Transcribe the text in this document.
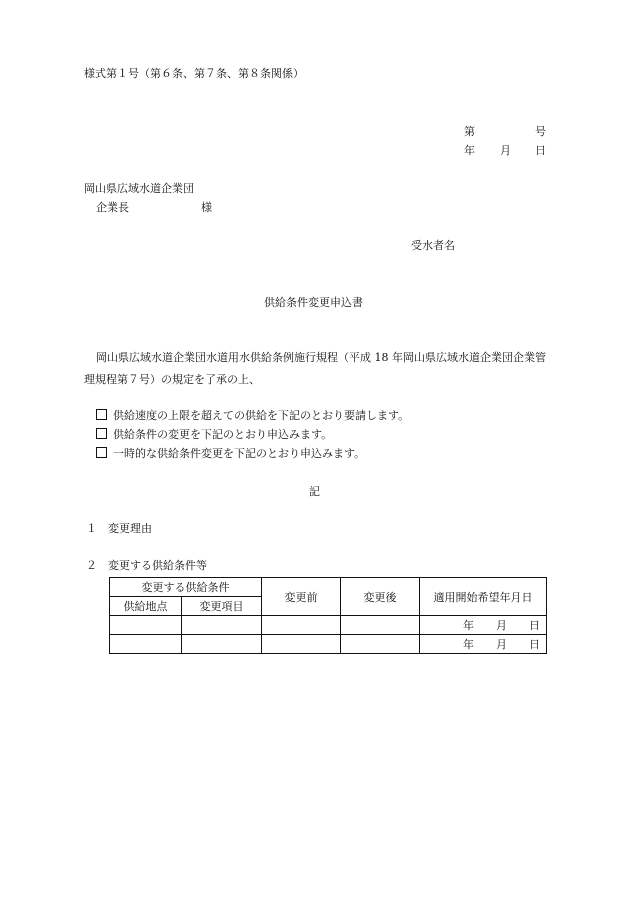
様式第１号（第６条、第７条、第８条関係）
第	号
年 月 日
岡山県広域水道企業団
企業長	様
受水者名
供給条件変更申込書
岡山県広域水道企業団水道用水供給条例施行規程（平成 18 年岡山県広域水道企業団企業管理規程第７号）の規定を了承の上、
供給速度の上限を超えての供給を下記のとおり要請します。
供給条件の変更を下記のとおり申込みます。
一時的な供給条件変更を下記のとおり申込みます。
記
１ 変更理由
２ 変更する供給条件等
変更する供給条件		変更前	変更後	適用開始希望年月日
供給地点	変更項目			
				年 月 日
				年 月 日
